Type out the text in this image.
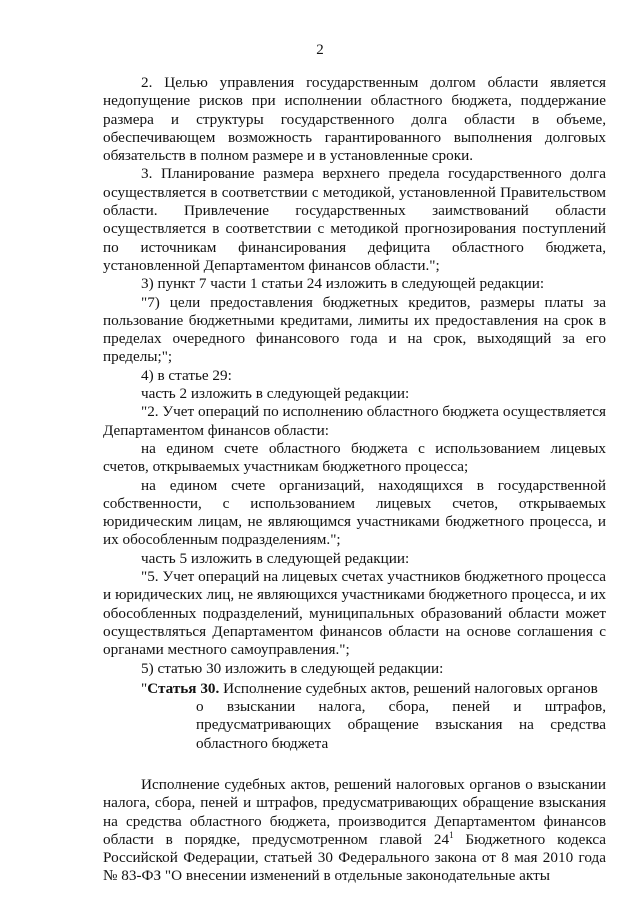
2

2. Целью управления государственным долгом области является недопущение рисков при исполнении областного бюджета, поддержание размера и структуры государственного долга области в объеме, обеспечивающем возможность гарантированного выполнения долговых обязательств в полном размере и в установленные сроки.

3. Планирование размера верхнего предела государственного долга осуществляется в соответствии с методикой, установленной Правительством области. Привлечение государственных заимствований области осуществляется в соответствии с методикой прогнозирования поступлений по источникам финансирования дефицита областного бюджета, установленной Департаментом финансов области.";

3) пункт 7 части 1 статьи 24 изложить в следующей редакции:

"7) цели предоставления бюджетных кредитов, размеры платы за пользование бюджетными кредитами, лимиты их предоставления на срок в пределах очередного финансового года и на срок, выходящий за его пределы;";

4) в статье 29:

часть 2 изложить в следующей редакции:

"2. Учет операций по исполнению областного бюджета осуществляется Департаментом финансов области:

на едином счете областного бюджета с использованием лицевых счетов, открываемых участникам бюджетного процесса;

на едином счете организаций, находящихся в государственной собственности, с использованием лицевых счетов, открываемых юридическим лицам, не являющимся участниками бюджетного процесса, и их обособленным подразделениям.";

часть 5 изложить в следующей редакции:

"5. Учет операций на лицевых счетах участников бюджетного процесса и юридических лиц, не являющихся участниками бюджетного процесса, и их обособленных подразделений, муниципальных образований области может осуществляться Департаментом финансов области на основе соглашения с органами местного самоуправления.";

5) статью 30 изложить в следующей редакции:

"Статья 30. Исполнение судебных актов, решений налоговых органов
о взыскании налога, сбора, пеней и штрафов, предусматривающих обращение взыскания на средства областного бюджета

Исполнение судебных актов, решений налоговых органов о взыскании налога, сбора, пеней и штрафов, предусматривающих обращение взыскания на средства областного бюджета, производится Департаментом финансов области в порядке, предусмотренном главой $24^1$ Бюджетного кодекса Российской Федерации, статьей 30 Федерального закона от 8 мая 2010 года № 83-ФЗ "О внесении изменений в отдельные законодательные акты
